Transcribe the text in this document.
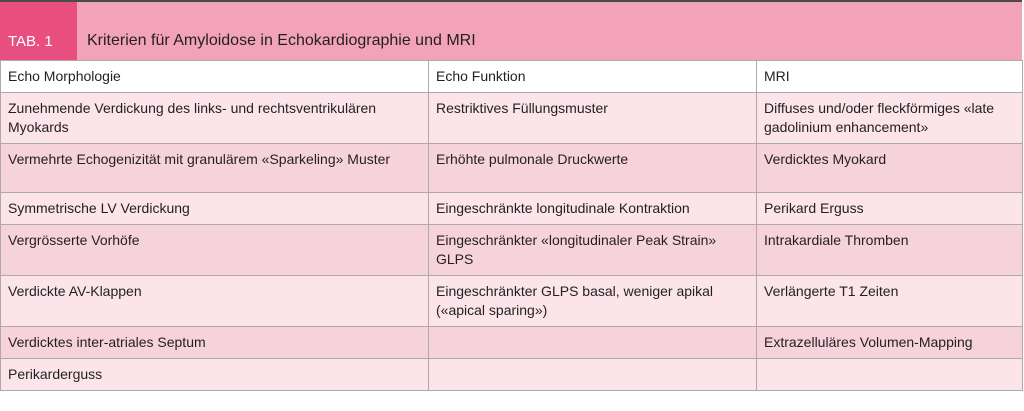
TAB. 1	Kriterien für Amyloidose in Echokardiographie und MRI
Echo Morphologie	Echo Funktion	MRI
Zunehmende Verdickung des links- und rechtsventrikulären Myokards	Restriktives Füllungsmuster	Diffuses und/oder fleckförmiges «late gadolinium enhancement»
Vermehrte Echogenizität mit granulärem «Sparkeling» Muster	Erhöhte pulmonale Druckwerte	Verdicktes Myokard
Symmetrische LV Verdickung	Eingeschränkte longitudinale Kontraktion	Perikard Erguss
Vergrösserte Vorhöfe	Eingeschränkter «longitudinaler Peak Strain» GLPS	Intrakardiale Thromben
Verdickte AV-Klappen	Eingeschränkter GLPS basal, weniger apikal («apical sparing»)	Verlängerte T1 Zeiten
Verdicktes inter-atriales Septum		Extrazelluläres Volumen-Mapping
Perikarderguss		
